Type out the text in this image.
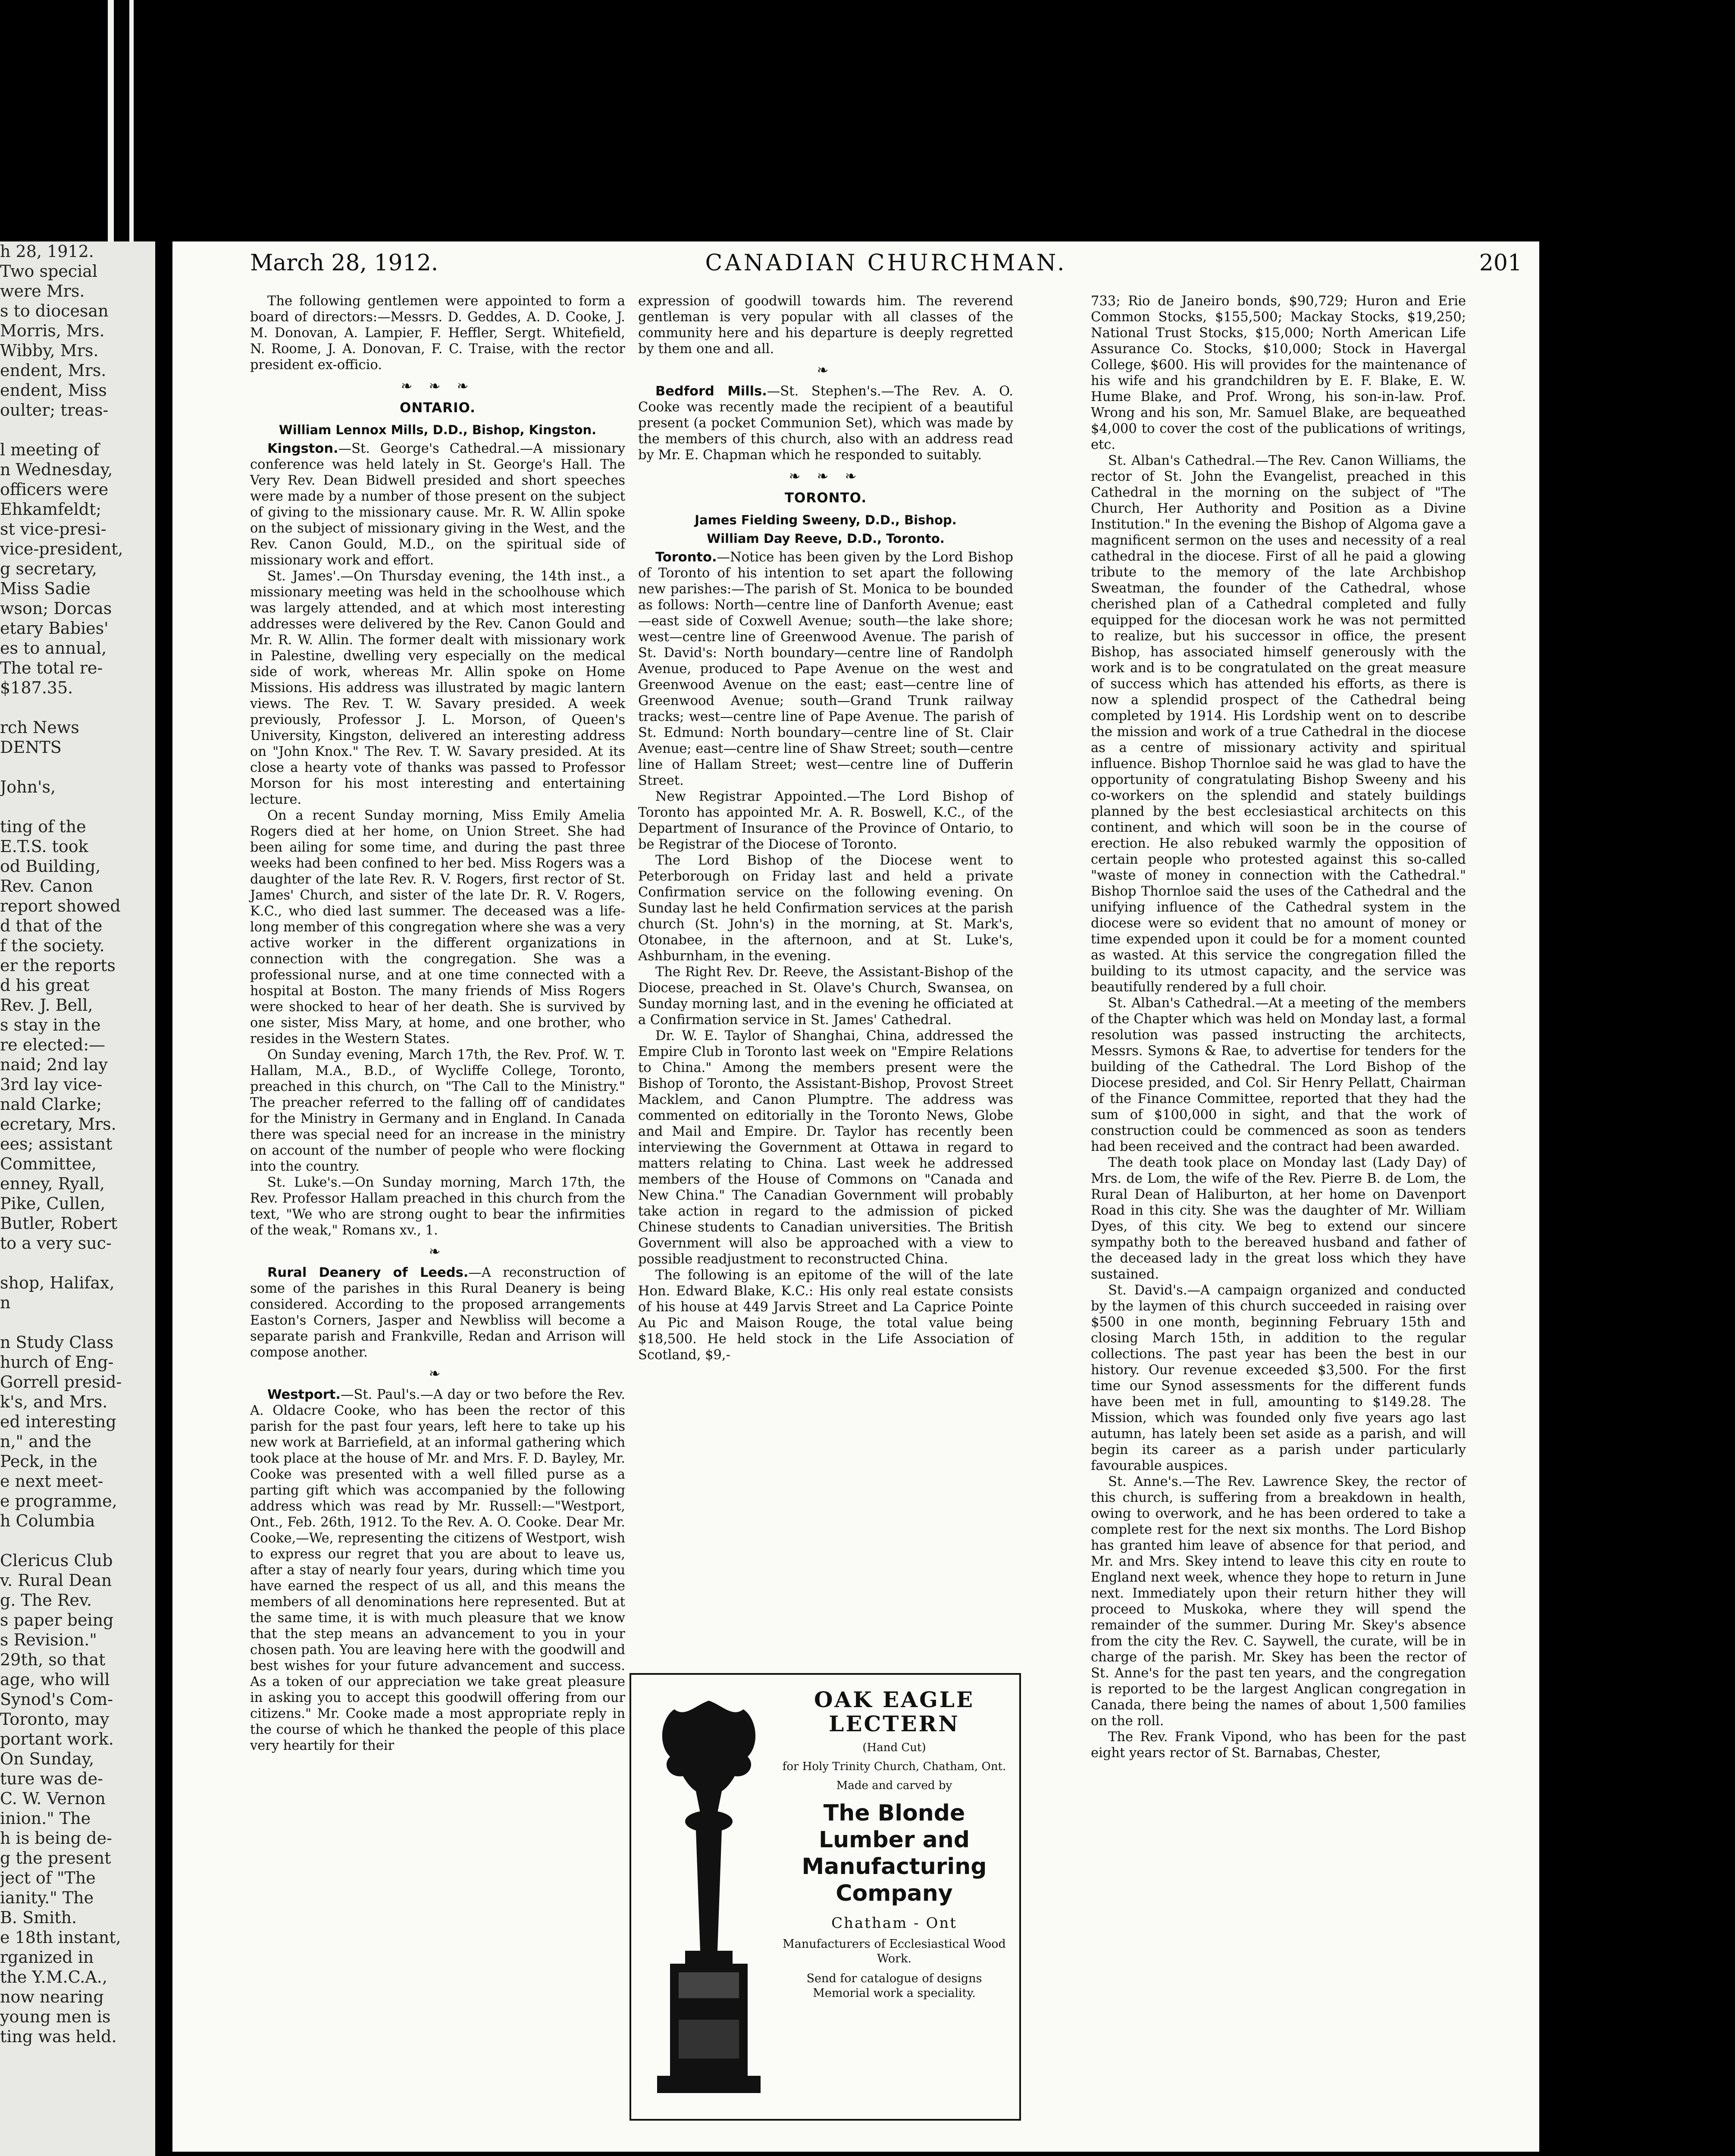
h 28, 1912.

Two special

were Mrs.

s to diocesan

Morris, Mrs.

Wibby, Mrs.

endent, Mrs.

endent, Miss

oulter; treas-

l meeting of

n Wednesday,

officers were

Ehkamfeldt;

st vice-presi-

vice-president,

g secretary,

Miss Sadie

wson; Dorcas

etary Babies'

es to annual,

The total re-

$187.35.

rch News

DENTS

John's,

ting of the

E.T.S. took

od Building,

Rev. Canon

report showed

d that of the

f the society.

er the reports

d his great

Rev. J. Bell,

s stay in the

re elected:—

naid; 2nd lay

3rd lay vice-

nald Clarke;

ecretary, Mrs.

ees; assistant

Committee,

enney, Ryall,

Pike, Cullen,

Butler, Robert

to a very suc-

shop, Halifax,

n

n Study Class

hurch of Eng-

Gorrell presid-

k's, and Mrs.

ed interesting

n," and the

Peck, in the

e next meet-

e programme,

h Columbia

Clericus Club

v. Rural Dean

g. The Rev.

s paper being

s Revision."

29th, so that

age, who will

Synod's Com-

Toronto, may

portant work.

On Sunday,

ture was de-

C. W. Vernon

inion." The

h is being de-

g the present

ject of "The

ianity." The

B. Smith.

e 18th instant,

rganized in

the Y.M.C.A.,

now nearing

young men is

ting was held.

CANADIAN CHURCHMAN.
March 28, 1912.	201

The following gentlemen were appointed to form a board of directors:—Messrs. D. Geddes, A. D. Cooke, J. M. Donovan, A. Lampier, F. Heffler, Sergt. Whitefield, N. Roome, J. A. Donovan, F. C. Traise, with the rector president ex-officio.

❧ ❧ ❧

ONTARIO.

William Lennox Mills, D.D., Bishop, Kingston.

Kingston.—St. George's Cathedral.—A missionary conference was held lately in St. George's Hall. The Very Rev. Dean Bidwell presided and short speeches were made by a number of those present on the subject of giving to the missionary cause. Mr. R. W. Allin spoke on the subject of missionary giving in the West, and the Rev. Canon Gould, M.D., on the spiritual side of missionary work and effort.

St. James'.—On Thursday evening, the 14th inst., a missionary meeting was held in the schoolhouse which was largely attended, and at which most interesting addresses were delivered by the Rev. Canon Gould and Mr. R. W. Allin. The former dealt with missionary work in Palestine, dwelling very especially on the medical side of work, whereas Mr. Allin spoke on Home Missions. His address was illustrated by magic lantern views. The Rev. T. W. Savary presided. A week previously, Professor J. L. Morson, of Queen's University, Kingston, delivered an interesting address on "John Knox." The Rev. T. W. Savary presided. At its close a hearty vote of thanks was passed to Professor Morson for his most interesting and entertaining lecture.

On a recent Sunday morning, Miss Emily Amelia Rogers died at her home, on Union Street. She had been ailing for some time, and during the past three weeks had been confined to her bed. Miss Rogers was a daughter of the late Rev. R. V. Rogers, first rector of St. James' Church, and sister of the late Dr. R. V. Rogers, K.C., who died last summer. The deceased was a life-long member of this congregation where she was a very active worker in the different organizations in connection with the congregation. She was a professional nurse, and at one time connected with a hospital at Boston. The many friends of Miss Rogers were shocked to hear of her death. She is survived by one sister, Miss Mary, at home, and one brother, who resides in the Western States.

On Sunday evening, March 17th, the Rev. Prof. W. T. Hallam, M.A., B.D., of Wycliffe College, Toronto, preached in this church, on "The Call to the Ministry." The preacher referred to the falling off of candidates for the Ministry in Germany and in England. In Canada there was special need for an increase in the ministry on account of the number of people who were flocking into the country.

St. Luke's.—On Sunday morning, March 17th, the Rev. Professor Hallam preached in this church from the text, "We who are strong ought to bear the infirmities of the weak," Romans xv., 1.

❧

Rural Deanery of Leeds.—A reconstruction of some of the parishes in this Rural Deanery is being considered. According to the proposed arrangements Easton's Corners, Jasper and Newbliss will become a separate parish and Frankville, Redan and Arrison will compose another.

❧

Westport.—St. Paul's.—A day or two before the Rev. A. Oldacre Cooke, who has been the rector of this parish for the past four years, left here to take up his new work at Barriefield, at an informal gathering which took place at the house of Mr. and Mrs. F. D. Bayley, Mr. Cooke was presented with a well filled purse as a parting gift which was accompanied by the following address which was read by Mr. Russell:—"Westport, Ont., Feb. 26th, 1912. To the Rev. A. O. Cooke. Dear Mr. Cooke,—We, representing the citizens of Westport, wish to express our regret that you are about to leave us, after a stay of nearly four years, during which time you have earned the respect of us all, and this means the members of all denominations here represented. But at the same time, it is with much pleasure that we know that the step means an advancement to you in your chosen path. You are leaving here with the goodwill and best wishes for your future advancement and success. As a token of our appreciation we take great pleasure in asking you to accept this goodwill offering from our citizens." Mr. Cooke made a most appropriate reply in the course of which he thanked the people of this place very heartily for their

expression of goodwill towards him. The reverend gentleman is very popular with all classes of the community here and his departure is deeply regretted by them one and all.

❧

Bedford Mills.—St. Stephen's.—The Rev. A. O. Cooke was recently made the recipient of a beautiful present (a pocket Communion Set), which was made by the members of this church, also with an address read by Mr. E. Chapman which he responded to suitably.

❧ ❧ ❧

TORONTO.

James Fielding Sweeny, D.D., Bishop.

William Day Reeve, D.D., Toronto.

Toronto.—Notice has been given by the Lord Bishop of Toronto of his intention to set apart the following new parishes:—The parish of St. Monica to be bounded as follows: North—centre line of Danforth Avenue; east—east side of Coxwell Avenue; south—the lake shore; west—centre line of Greenwood Avenue. The parish of St. David's: North boundary—centre line of Randolph Avenue, produced to Pape Avenue on the west and Greenwood Avenue on the east; east—centre line of Greenwood Avenue; south—Grand Trunk railway tracks; west—centre line of Pape Avenue. The parish of St. Edmund: North boundary—centre line of St. Clair Avenue; east—centre line of Shaw Street; south—centre line of Hallam Street; west—centre line of Dufferin Street.

New Registrar Appointed.—The Lord Bishop of Toronto has appointed Mr. A. R. Boswell, K.C., of the Department of Insurance of the Province of Ontario, to be Registrar of the Diocese of Toronto.

The Lord Bishop of the Diocese went to Peterborough on Friday last and held a private Confirmation service on the following evening. On Sunday last he held Confirmation services at the parish church (St. John's) in the morning, at St. Mark's, Otonabee, in the afternoon, and at St. Luke's, Ashburnham, in the evening.

The Right Rev. Dr. Reeve, the Assistant-Bishop of the Diocese, preached in St. Olave's Church, Swansea, on Sunday morning last, and in the evening he officiated at a Confirmation service in St. James' Cathedral.

Dr. W. E. Taylor of Shanghai, China, addressed the Empire Club in Toronto last week on "Empire Relations to China." Among the members present were the Bishop of Toronto, the Assistant-Bishop, Provost Street Macklem, and Canon Plumptre. The address was commented on editorially in the Toronto News, Globe and Mail and Empire. Dr. Taylor has recently been interviewing the Government at Ottawa in regard to matters relating to China. Last week he addressed members of the House of Commons on "Canada and New China." The Canadian Government will probably take action in regard to the admission of picked Chinese students to Canadian universities. The British Government will also be approached with a view to possible readjustment to reconstructed China.

The following is an epitome of the will of the late Hon. Edward Blake, K.C.: His only real estate consists of his house at 449 Jarvis Street and La Caprice Pointe Au Pic and Maison Rouge, the total value being $18,500. He held stock in the Life Association of Scotland, $9,-

OAK EAGLE LECTERN
(Hand Cut)
for Holy Trinity Church, Chatham, Ont.
Made and carved by
The Blonde Lumber and Manufacturing Company
Chatham - Ont
Manufacturers of Ecclesiastical Wood Work.
Send for catalogue of designs Memorial work a speciality.

733; Rio de Janeiro bonds, $90,729; Huron and Erie Common Stocks, $155,500; Mackay Stocks, $19,250; National Trust Stocks, $15,000; North American Life Assurance Co. Stocks, $10,000; Stock in Havergal College, $600. His will provides for the maintenance of his wife and his grandchildren by E. F. Blake, E. W. Hume Blake, and Prof. Wrong, his son-in-law. Prof. Wrong and his son, Mr. Samuel Blake, are bequeathed $4,000 to cover the cost of the publications of writings, etc.

St. Alban's Cathedral.—The Rev. Canon Williams, the rector of St. John the Evangelist, preached in this Cathedral in the morning on the subject of "The Church, Her Authority and Position as a Divine Institution." In the evening the Bishop of Algoma gave a magnificent sermon on the uses and necessity of a real cathedral in the diocese. First of all he paid a glowing tribute to the memory of the late Archbishop Sweatman, the founder of the Cathedral, whose cherished plan of a Cathedral completed and fully equipped for the diocesan work he was not permitted to realize, but his successor in office, the present Bishop, has associated himself generously with the work and is to be congratulated on the great measure of success which has attended his efforts, as there is now a splendid prospect of the Cathedral being completed by 1914. His Lordship went on to describe the mission and work of a true Cathedral in the diocese as a centre of missionary activity and spiritual influence. Bishop Thornloe said he was glad to have the opportunity of congratulating Bishop Sweeny and his co-workers on the splendid and stately buildings planned by the best ecclesiastical architects on this continent, and which will soon be in the course of erection. He also rebuked warmly the opposition of certain people who protested against this so-called "waste of money in connection with the Cathedral." Bishop Thornloe said the uses of the Cathedral and the unifying influence of the Cathedral system in the diocese were so evident that no amount of money or time expended upon it could be for a moment counted as wasted. At this service the congregation filled the building to its utmost capacity, and the service was beautifully rendered by a full choir.

St. Alban's Cathedral.—At a meeting of the members of the Chapter which was held on Monday last, a formal resolution was passed instructing the architects, Messrs. Symons & Rae, to advertise for tenders for the building of the Cathedral. The Lord Bishop of the Diocese presided, and Col. Sir Henry Pellatt, Chairman of the Finance Committee, reported that they had the sum of $100,000 in sight, and that the work of construction could be commenced as soon as tenders had been received and the contract had been awarded.

The death took place on Monday last (Lady Day) of Mrs. de Lom, the wife of the Rev. Pierre B. de Lom, the Rural Dean of Haliburton, at her home on Davenport Road in this city. She was the daughter of Mr. William Dyes, of this city. We beg to extend our sincere sympathy both to the bereaved husband and father of the deceased lady in the great loss which they have sustained.

St. David's.—A campaign organized and conducted by the laymen of this church succeeded in raising over $500 in one month, beginning February 15th and closing March 15th, in addition to the regular collections. The past year has been the best in our history. Our revenue exceeded $3,500. For the first time our Synod assessments for the different funds have been met in full, amounting to $149.28. The Mission, which was founded only five years ago last autumn, has lately been set aside as a parish, and will begin its career as a parish under particularly favourable auspices.

St. Anne's.—The Rev. Lawrence Skey, the rector of this church, is suffering from a breakdown in health, owing to overwork, and he has been ordered to take a complete rest for the next six months. The Lord Bishop has granted him leave of absence for that period, and Mr. and Mrs. Skey intend to leave this city en route to England next week, whence they hope to return in June next. Immediately upon their return hither they will proceed to Muskoka, where they will spend the remainder of the summer. During Mr. Skey's absence from the city the Rev. C. Saywell, the curate, will be in charge of the parish. Mr. Skey has been the rector of St. Anne's for the past ten years, and the congregation is reported to be the largest Anglican congregation in Canada, there being the names of about 1,500 families on the roll.

The Rev. Frank Vipond, who has been for the past eight years rector of St. Barnabas, Chester,
